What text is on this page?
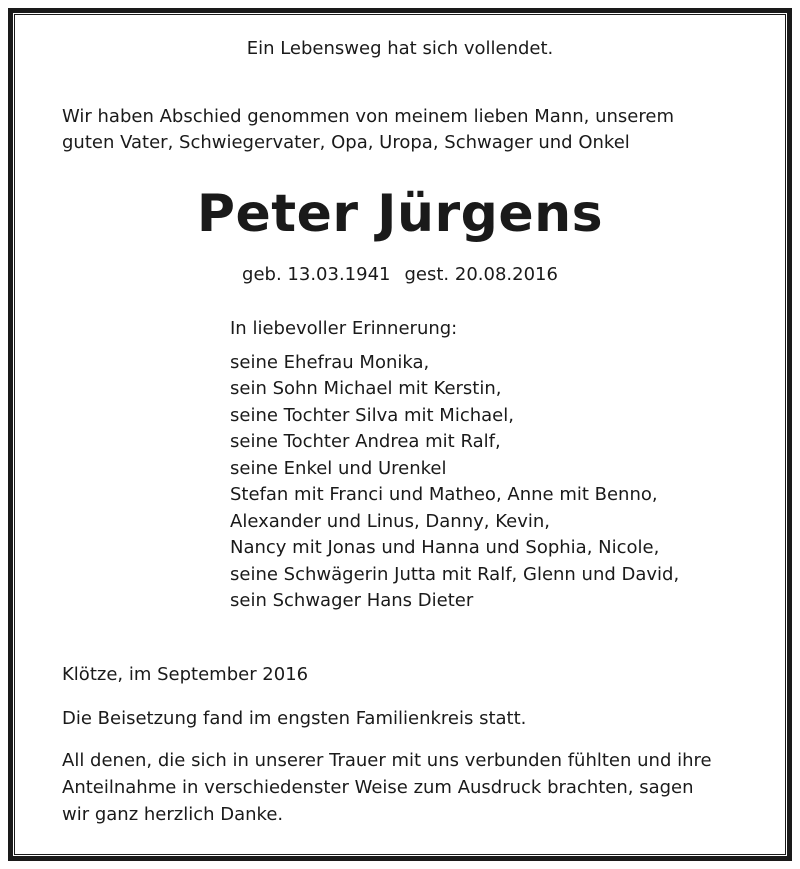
Ein Lebensweg hat sich vollendet.
Wir haben Abschied genommen von meinem lieben Mann, unserem
guten Vater, Schwiegervater, Opa, Uropa, Schwager und Onkel
Peter Jürgens
geb. 13.03.1941 gest. 20.08.2016
In liebevoller Erinnerung:
seine Ehefrau Monika,
sein Sohn Michael mit Kerstin,
seine Tochter Silva mit Michael,
seine Tochter Andrea mit Ralf,
seine Enkel und Urenkel
Stefan mit Franci und Matheo, Anne mit Benno,
Alexander und Linus, Danny, Kevin,
Nancy mit Jonas und Hanna und Sophia, Nicole,
seine Schwägerin Jutta mit Ralf, Glenn und David,
sein Schwager Hans Dieter
Klötze, im September 2016
Die Beisetzung fand im engsten Familienkreis statt.
All denen, die sich in unserer Trauer mit uns verbunden fühlten und ihre
Anteilnahme in verschiedenster Weise zum Ausdruck brachten, sagen
wir ganz herzlich Danke.
